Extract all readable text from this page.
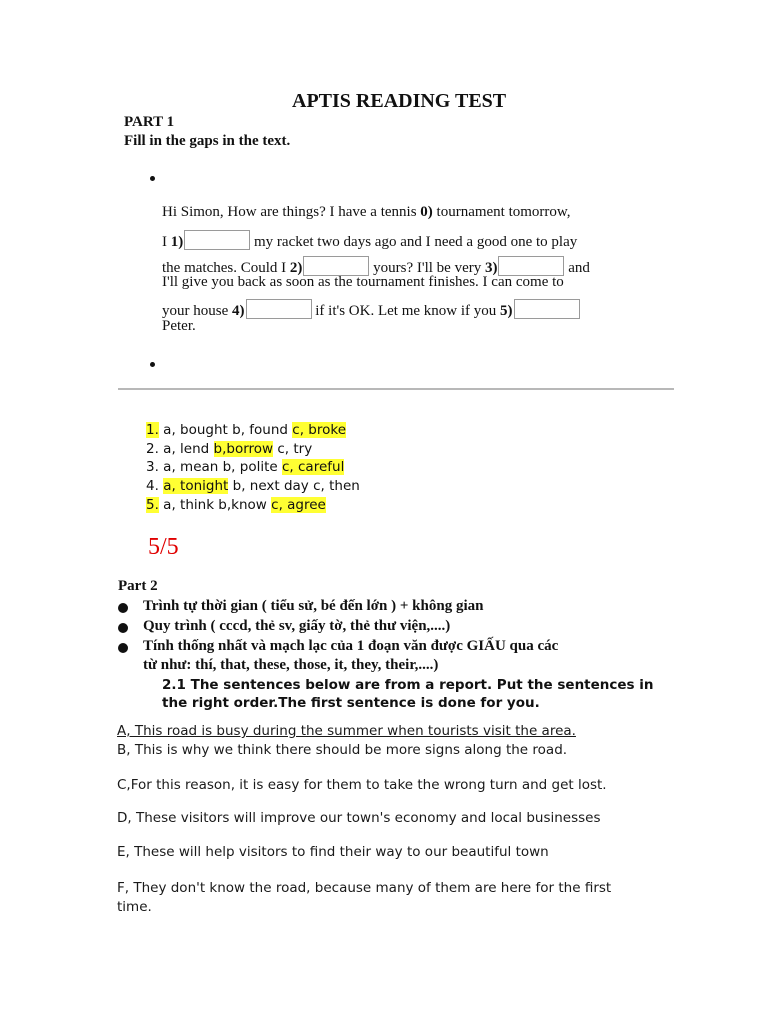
APTIS READING TEST
PART 1
Fill in the gaps in the text.
Hi Simon, How are things? I have a tennis 0) tournament tomorrow,
I 1)	my racket two days ago and I need a good one to play
the matches. Could I 2)	yours? I'll be very 3)	and
I'll give you back as soon as the tournament finishes. I can come to
your house 4)	if it's OK. Let me know if you 5)
Peter.
1. a, bought b, found c, broke
2. a, lend b,borrow c, try
3. a, mean b, polite c, careful
4. a, tonight b, next day c, then
5. a, think b,know c, agree
5/5
Part 2
Trình tự thời gian ( tiểu sử, bé đến lớn ) + không gian
Quy trình ( cccd, thẻ sv, giấy tờ, thẻ thư viện,....)
Tính thống nhất và mạch lạc của 1 đoạn văn được GIẤU qua các
từ như: thí, that, these, those, it, they, their,....)
2.1 The sentences below are from a report. Put the sentences in
the right order.The first sentence is done for you.
A, This road is busy during the summer when tourists visit the area.
B, This is why we think there should be more signs along the road.
C,For this reason, it is easy for them to take the wrong turn and get lost.
D, These visitors will improve our town's economy and local businesses
E, These will help visitors to find their way to our beautiful town
F, They don't know the road, because many of them are here for the first
time.
